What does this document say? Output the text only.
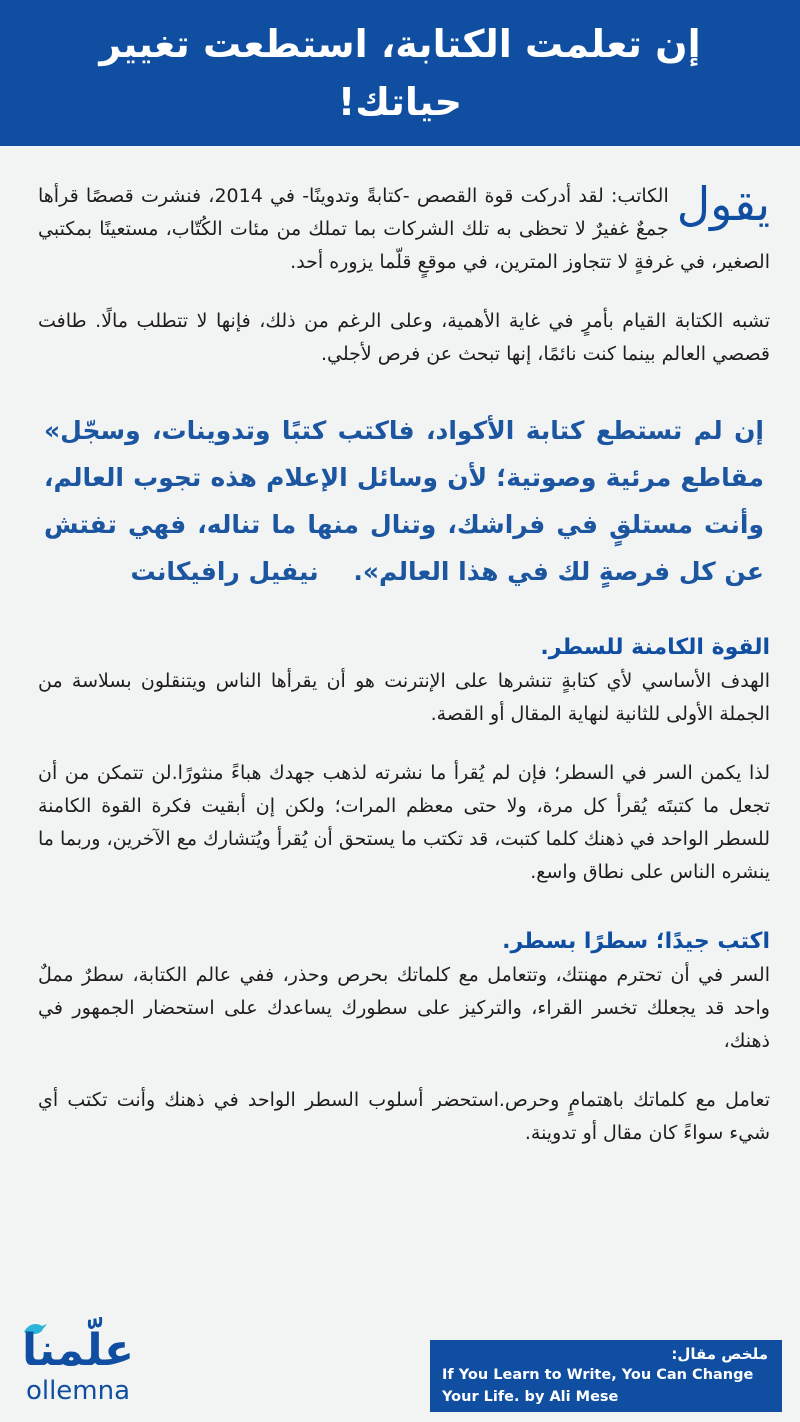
إن تعلمت الكتابة، استطعت تغيير حياتك!

يقول
الكاتب: لقد أدركت قوة القصص -كتابةً وتدوينًا- في 2014، فنشرت قصصًا قرأها جمعٌ غفيرٌ لا تحظى به تلك الشركات بما تملك من مئات الكُتّاب، مستعينًا بمكتبي الصغير، في غرفةٍ لا تتجاوز المترين، في موقعٍ قلّما يزوره أحد.

تشبه الكتابة القيام بأمرٍ في غاية الأهمية، وعلى الرغم من ذلك، فإنها لا تتطلب مالًا. طافت قصصي العالم بينما كنت نائمًا، إنها تبحث عن فرص لأجلي.

إن لم تستطع كتابة الأكواد، فاكتب كتبًا وتدوينات، وسجّل» مقاطع مرئية وصوتية؛ لأن وسائل الإعلام هذه تجوب العالم، وأنت مستلقٍ في فراشك، وتنال منها ما تناله، فهي تفتش عن كل فرصةٍ لك في هذا العالم». نيفيل رافيكانت
القوة الكامنة للسطر.

الهدف الأساسي لأي كتابةٍ تنشرها على الإنترنت هو أن يقرأها الناس ويتنقلون بسلاسة من الجملة الأولى للثانية لنهاية المقال أو القصة.

لذا يكمن السر في السطر؛ فإن لم يُقرأ ما نشرته لذهب جهدك هباءً منثورًا.لن تتمكن من أن تجعل ما كتبتَه يُقرأ كل مرة، ولا حتى معظم المرات؛ ولكن إن أبقيت فكرة القوة الكامنة للسطر الواحد في ذهنك كلما كتبت، قد تكتب ما يستحق أن يُقرأ ويُتشارك مع الآخرين، وربما ما ينشره الناس على نطاق واسع.

اكتب جيدًا؛ سطرًا بسطر.

السر في أن تحترم مهنتك، وتتعامل مع كلماتك بحرص وحذر، ففي عالم الكتابة، سطرٌ مملٌ واحد قد يجعلك تخسر القراء، والتركيز على سطورك يساعدك على استحضار الجمهور في ذهنك،

تعامل مع كلماتك باهتمامٍ وحرص.استحضر أسلوب السطر الواحد في ذهنك وأنت تكتب أي شيء سواءً كان مقال أو تدوينة.

علّمنا
ollemna
ملخص مقال:
If You Learn to Write, You Can Change Your Life. by Ali Mese
